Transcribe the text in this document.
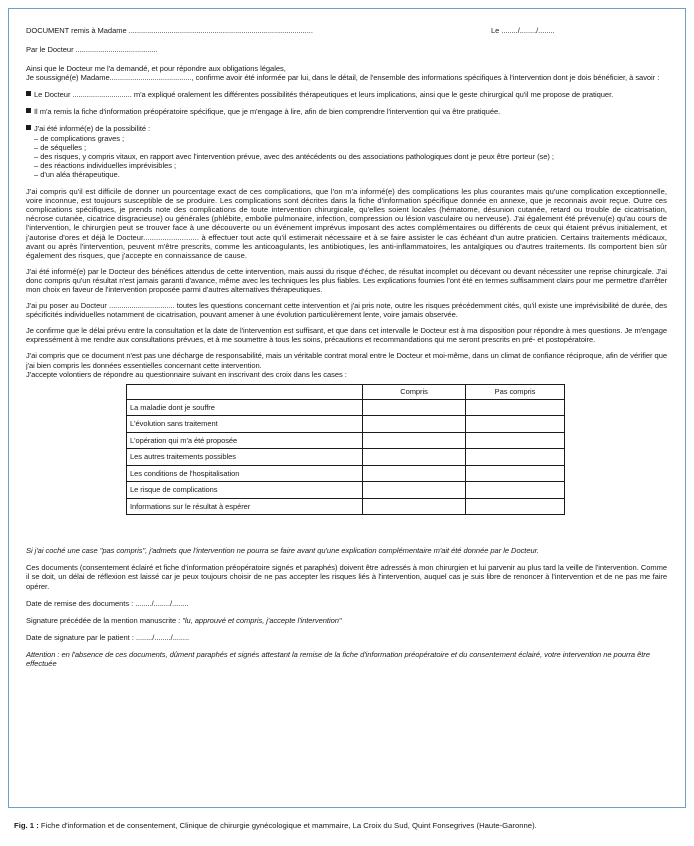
DOCUMENT remis à Madame ..........................................................................................	Le ......../......../........

Par le Docteur ........................................

Ainsi que le Docteur me l'a demandé, et pour répondre aux obligations légales,

Je soussigné(e) Madame........................................, confirme avoir été informée par lui, dans le détail, de l'ensemble des informations spécifiques à l'intervention dont je dois bénéficier, à savoir :

Le Docteur ............................. m'a expliqué oralement les différentes possibilités thérapeutiques et leurs implications, ainsi que le geste chirurgical qu'il me propose de pratiquer.

Il m'a remis la fiche d'information préopératoire spécifique, que je m'engage à lire, afin de bien comprendre l'intervention qui va être pratiquée.

J'ai été informé(e) de la possibilité :

– de complications graves ;

– de séquelles ;

– des risques, y compris vitaux, en rapport avec l'intervention prévue, avec des antécédents ou des associations pathologiques dont je peux être porteur (se) ;

– des réactions individuelles imprévisibles ;

– d'un aléa thérapeutique.

J'ai compris qu'il est difficile de donner un pourcentage exact de ces complications, que l'on m'a informé(e) des complications les plus courantes mais qu'une complication exceptionnelle, voire inconnue, est toujours susceptible de se produire. Les complications sont décrites dans la fiche d'information spécifique donnée en annexe, que je reconnais avoir reçue. Outre ces complications spécifiques, je prends note des complications de toute intervention chirurgicale, qu'elles soient locales (hématome, désunion cutanée, retard ou trouble de cicatrisation, nécrose cutanée, cicatrice disgracieuse) ou générales (phlébite, embolie pulmonaire, infection, compression ou lésion vasculaire ou nerveuse). J'ai également été prévenu(e) qu'au cours de l'intervention, le chirurgien peut se trouver face à une découverte ou un événement imprévus imposant des actes complémentaires ou différents de ceux qui étaient prévus initialement, et j'autorise d'ores et déjà le Docteur.......................... à effectuer tout acte qu'il estimerait nécessaire et à se faire assister le cas échéant d'un autre praticien. Certains traitements médicaux, avant ou après l'intervention, peuvent m'être prescrits, comme les anticoagulants, les antibiotiques, les anti-inflammatoires, les antalgiques ou d'autres traitements. Ils comportent bien sûr également des risques, que j'accepte en connaissance de cause.

J'ai été informé(e) par le Docteur des bénéfices attendus de cette intervention, mais aussi du risque d'échec, de résultat incomplet ou décevant ou devant nécessiter une reprise chirurgicale. J'ai donc compris qu'un résultat n'est jamais garanti d'avance, même avec les techniques les plus fiables. Les explications fournies l'ont été en termes suffisamment clairs pour me permettre d'arrêter mon choix en faveur de l'intervention proposée parmi d'autres alternatives thérapeutiques.

J'ai pu poser au Docteur ................................ toutes les questions concernant cette intervention et j'ai pris note, outre les risques précédemment cités, qu'il existe une imprévisibilité de durée, des spécificités individuelles notamment de cicatrisation, pouvant amener à une évolution particulièrement lente, voire jamais observée.

Je confirme que le délai prévu entre la consultation et la date de l'intervention est suffisant, et que dans cet intervalle le Docteur est à ma disposition pour répondre à mes questions. Je m'engage expressément à me rendre aux consultations prévues, et à me soumettre à tous les soins, précautions et recommandations qui me seront prescrits en pré- et postopératoire.

J'ai compris que ce document n'est pas une décharge de responsabilité, mais un véritable contrat moral entre le Docteur et moi-même, dans un climat de confiance réciproque, afin de vérifier que j'ai bien compris les données essentielles concernant cette intervention.

J'accepte volontiers de répondre au questionnaire suivant en inscrivant des croix dans les cases :

	Compris	Pas compris
La maladie dont je souffre		
L'évolution sans traitement		
L'opération qui m'a été proposée		
Les autres traitements possibles		
Les conditions de l'hospitalisation		
Le risque de complications		
Informations sur le résultat à espérer		

Si j'ai coché une case "pas compris", j'admets que l'intervention ne pourra se faire avant qu'une explication complémentaire m'ait été donnée par le Docteur.

Ces documents (consentement éclairé et fiche d'information préopératoire signés et paraphés) doivent être adressés à mon chirurgien et lui parvenir au plus tard la veille de l'intervention. Comme il se doit, un délai de réflexion est laissé car je peux toujours choisir de ne pas accepter les risques liés à l'intervention, auquel cas je suis libre de renoncer à l'intervention et de ne pas me faire opérer.

Date de remise des documents : ......../......../........

Signature précédée de la mention manuscrite : "lu, approuvé et compris, j'accepte l'intervention"

Date de signature par le patient : ......../......../........

Attention : en l'absence de ces documents, dûment paraphés et signés attestant la remise de la fiche d'information préopératoire et du consentement éclairé, votre intervention ne pourra être effectuée

Fig. 1 : Fiche d'information et de consentement, Clinique de chirurgie gynécologique et mammaire, La Croix du Sud, Quint Fonsegrives (Haute-Garonne).
